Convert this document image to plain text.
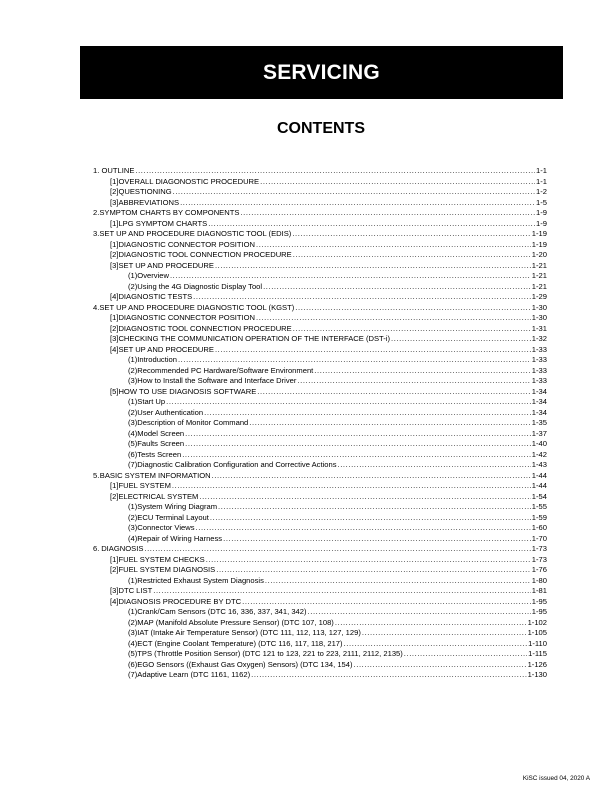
SERVICING
CONTENTS
1. OUTLINE .....	1-1
[1] OVERALL DIAGONOSTIC PROCEDURE .....	1-1
[2] QUESTIONING .....	1-2
[3] ABBREVIATIONS .....	1-5
2. SYMPTOM CHARTS BY COMPONENTS .....	1-9
[1] LPG SYMPTOM CHARTS .....	1-9
3. SET UP AND PROCEDURE DIAGNOSTIC TOOL (EDIS) .....	1-19
[1] DIAGNOSTIC CONNECTOR POSITION .....	1-19
[2] DIAGNOSTIC TOOL CONNECTION PROCEDURE .....	1-20
[3] SET UP AND PROCEDURE .....	1-21
(1) Overview .....	1-21
(2) Using the 4G Diagnostic Display Tool .....	1-21
[4] DIAGNOSTIC TESTS .....	1-29
4. SET UP AND PROCEDURE DIAGNOSTIC TOOL (KGST) .....	1-30
[1] DIAGNOSTIC CONNECTOR POSITION .....	1-30
[2] DIAGNOSTIC TOOL CONNECTION PROCEDURE .....	1-31
[3] CHECKING THE COMMUNICATION OPERATION OF THE INTERFACE (DST-i) .....	1-32
[4] SET UP AND PROCEDURE .....	1-33
(1) Introduction .....	1-33
(2) Recommended PC Hardware/Software Environment .....	1-33
(3) How to Install the Software and Interface Driver .....	1-33
[5] HOW TO USE DIAGNOSIS SOFTWARE .....	1-34
(1) Start Up .....	1-34
(2) User Authentication .....	1-34
(3) Description of Monitor Command .....	1-35
(4) Model Screen .....	1-37
(5) Faults Screen .....	1-40
(6) Tests Screen .....	1-42
(7) Diagnostic Calibration Configuration and Corrective Actions .....	1-43
5. BASIC SYSTEM INFORMATION .....	1-44
[1] FUEL SYSTEM .....	1-44
[2] ELECTRICAL SYSTEM .....	1-54
(1) System Wiring Diagram .....	1-55
(2) ECU Terminal Layout .....	1-59
(3) Connector Views .....	1-60
(4) Repair of Wiring Harness .....	1-70
6. DIAGNOSIS .....	1-73
[1] FUEL SYSTEM CHECKS .....	1-73
[2] FUEL SYSTEM DIAGNOSIS .....	1-76
(1) Restricted Exhaust System Diagnosis .....	1-80
[3] DTC LIST .....	1-81
[4] DIAGNOSIS PROCEDURE BY DTC .....	1-95
(1) Crank/Cam Sensors (DTC 16, 336, 337, 341, 342) .....	1-95
(2) MAP (Manifold Absolute Pressure Sensor) (DTC 107, 108) .....	1-102
(3) IAT (Intake Air Temperature Sensor) (DTC 111, 112, 113, 127, 129) .....	1-105
(4) ECT (Engine Coolant Temperature) (DTC 116, 117, 118, 217) .....	1-110
(5) TPS (Throttle Position Sensor) (DTC 121 to 123, 221 to 223, 2111, 2112, 2135) .....	1-115
(6) EGO Sensors ((Exhaust Gas Oxygen) Sensors) (DTC 134, 154) .....	1-126
(7) Adaptive Learn (DTC 1161, 1162) .....	1-130
KiSC issued 04, 2020 A
